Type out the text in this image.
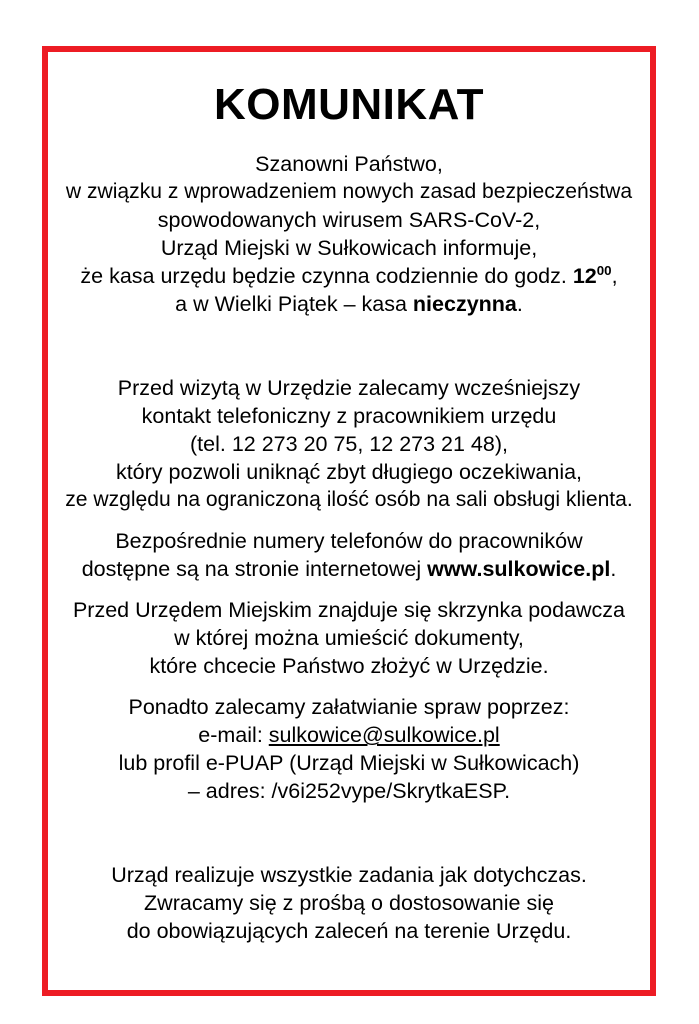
KOMUNIKAT

Szanowni Państwo,
w związku z wprowadzeniem nowych zasad bezpieczeństwa
spowodowanych wirusem SARS-CoV-2,
Urząd Miejski w Sułkowicach informuje,
że kasa urzędu będzie czynna codziennie do godz. $12^{00}$,
a w Wielki Piątek – kasa nieczynna.

Przed wizytą w Urzędzie zalecamy wcześniejszy
kontakt telefoniczny z pracownikiem urzędu
(tel. 12 273 20 75, 12 273 21 48),
który pozwoli uniknąć zbyt długiego oczekiwania,
ze względu na ograniczoną ilość osób na sali obsługi klienta.

Bezpośrednie numery telefonów do pracowników
dostępne są na stronie internetowej www.sulkowice.pl.

Przed Urzędem Miejskim znajduje się skrzynka podawcza
w której można umieścić dokumenty,
które chcecie Państwo złożyć w Urzędzie.

Ponadto zalecamy załatwianie spraw poprzez:
e-mail: sulkowice@sulkowice.pl
lub profil e-PUAP (Urząd Miejski w Sułkowicach)
– adres: /v6i252vype/SkrytkaESP.

Urząd realizuje wszystkie zadania jak dotychczas.
Zwracamy się z prośbą o dostosowanie się
do obowiązujących zaleceń na terenie Urzędu.
